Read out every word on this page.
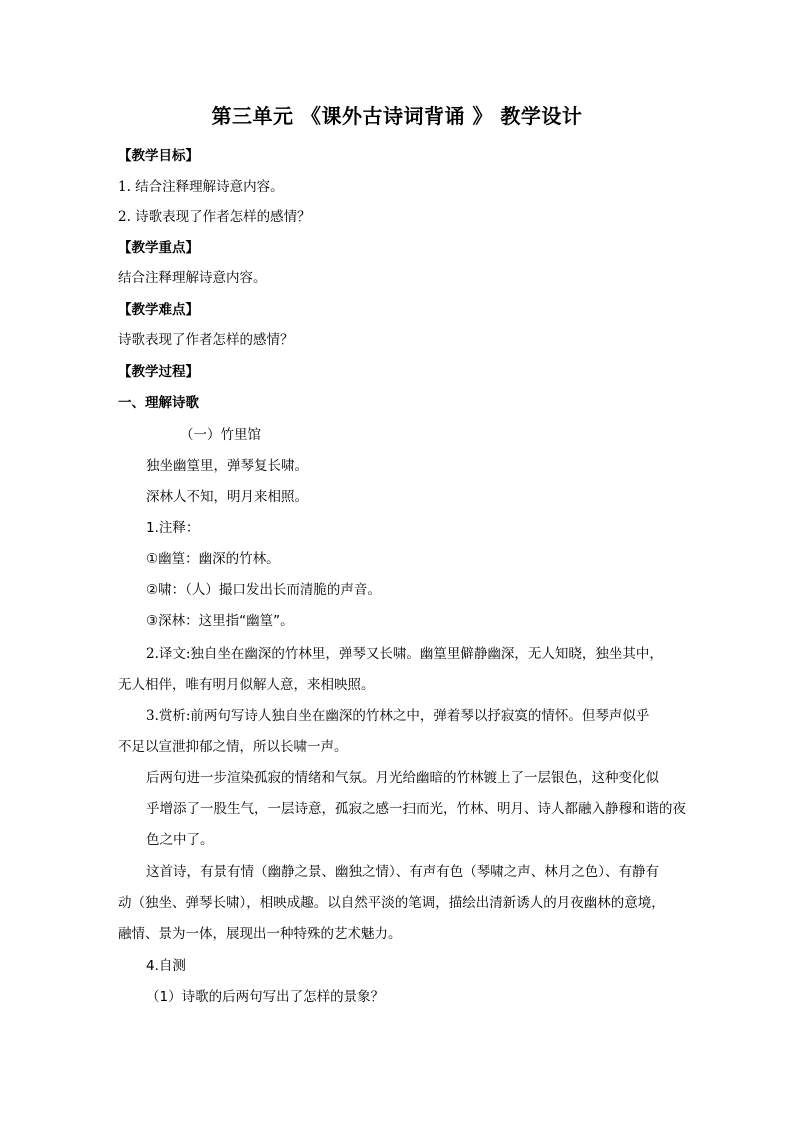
第三单元 《课外古诗词背诵 》 教学设计
【教学目标】
1. 结合注释理解诗意内容。
2. 诗歌表现了作者怎样的感情？
【教学重点】
结合注释理解诗意内容。
【教学难点】
诗歌表现了作者怎样的感情？
【教学过程】
一、理解诗歌
（一）竹里馆
独坐幽篁里，弹琴复长啸。
深林人不知，明月来相照。
1.注释：
①幽篁：幽深的竹林。
②啸：（人）撮口发出长而清脆的声音。
③深林：这里指“幽篁”。
2.译文:独自坐在幽深的竹林里，弹琴又长啸。幽篁里僻静幽深，无人知晓，独坐其中，
无人相伴，唯有明月似解人意，来相映照。
3.赏析:前两句写诗人独自坐在幽深的竹林之中，弹着琴以抒寂寞的情怀。但琴声似乎
不足以宣泄抑郁之情，所以长啸一声。
后两句进一步渲染孤寂的情绪和气氛。月光给幽暗的竹林镀上了一层银色，这种变化似
乎增添了一股生气，一层诗意，孤寂之感一扫而光，竹林、明月、诗人都融入静穆和谐的夜
色之中了。
这首诗，有景有情（幽静之景、幽独之情）、有声有色（琴啸之声、林月之色）、有静有
动（独坐、弹琴长啸），相映成趣。以自然平淡的笔调，描绘出清新诱人的月夜幽林的意境，
融情、景为一体，展现出一种特殊的艺术魅力。
4.自测
（1）诗歌的后两句写出了怎样的景象？
